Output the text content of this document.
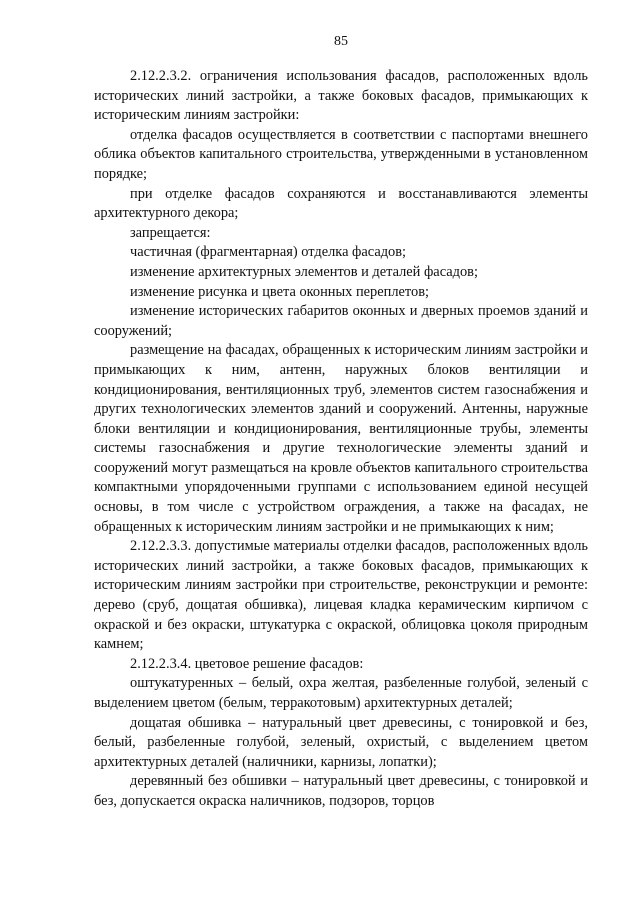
85

2.12.2.3.2. ограничения использования фасадов, расположенных вдоль исторических линий застройки, а также боковых фасадов, примыкающих к историческим линиям застройки:

отделка фасадов осуществляется в соответствии с паспортами внешнего облика объектов капитального строительства, утвержденными в установленном порядке;

при отделке фасадов сохраняются и восстанавливаются элементы архитектурного декора;

запрещается:

частичная (фрагментарная) отделка фасадов;

изменение архитектурных элементов и деталей фасадов;

изменение рисунка и цвета оконных переплетов;

изменение исторических габаритов оконных и дверных проемов зданий и сооружений;

размещение на фасадах, обращенных к историческим линиям застройки и примыкающих к ним, антенн, наружных блоков вентиляции и кондиционирования, вентиляционных труб, элементов систем газоснабжения и других технологических элементов зданий и сооружений. Антенны, наружные блоки вентиляции и кондиционирования, вентиляционные трубы, элементы системы газоснабжения и другие технологические элементы зданий и сооружений могут размещаться на кровле объектов капитального строительства компактными упорядоченными группами с использованием единой несущей основы, в том числе с устройством ограждения, а также на фасадах, не обращенных к историческим линиям застройки и не примыкающих к ним;

2.12.2.3.3. допустимые материалы отделки фасадов, расположенных вдоль исторических линий застройки, а также боковых фасадов, примыкающих к историческим линиям застройки при строительстве, реконструкции и ремонте: дерево (сруб, дощатая обшивка), лицевая кладка керамическим кирпичом с окраской и без окраски, штукатурка с окраской, облицовка цоколя природным камнем;

2.12.2.3.4. цветовое решение фасадов:

оштукатуренных – белый, охра желтая, разбеленные голубой, зеленый с выделением цветом (белым, терракотовым) архитектурных деталей;

дощатая обшивка – натуральный цвет древесины, с тонировкой и без, белый, разбеленные голубой, зеленый, охристый, с выделением цветом архитектурных деталей (наличники, карнизы, лопатки);

деревянный без обшивки – натуральный цвет древесины, с тонировкой и без, допускается окраска наличников, подзоров, торцов
